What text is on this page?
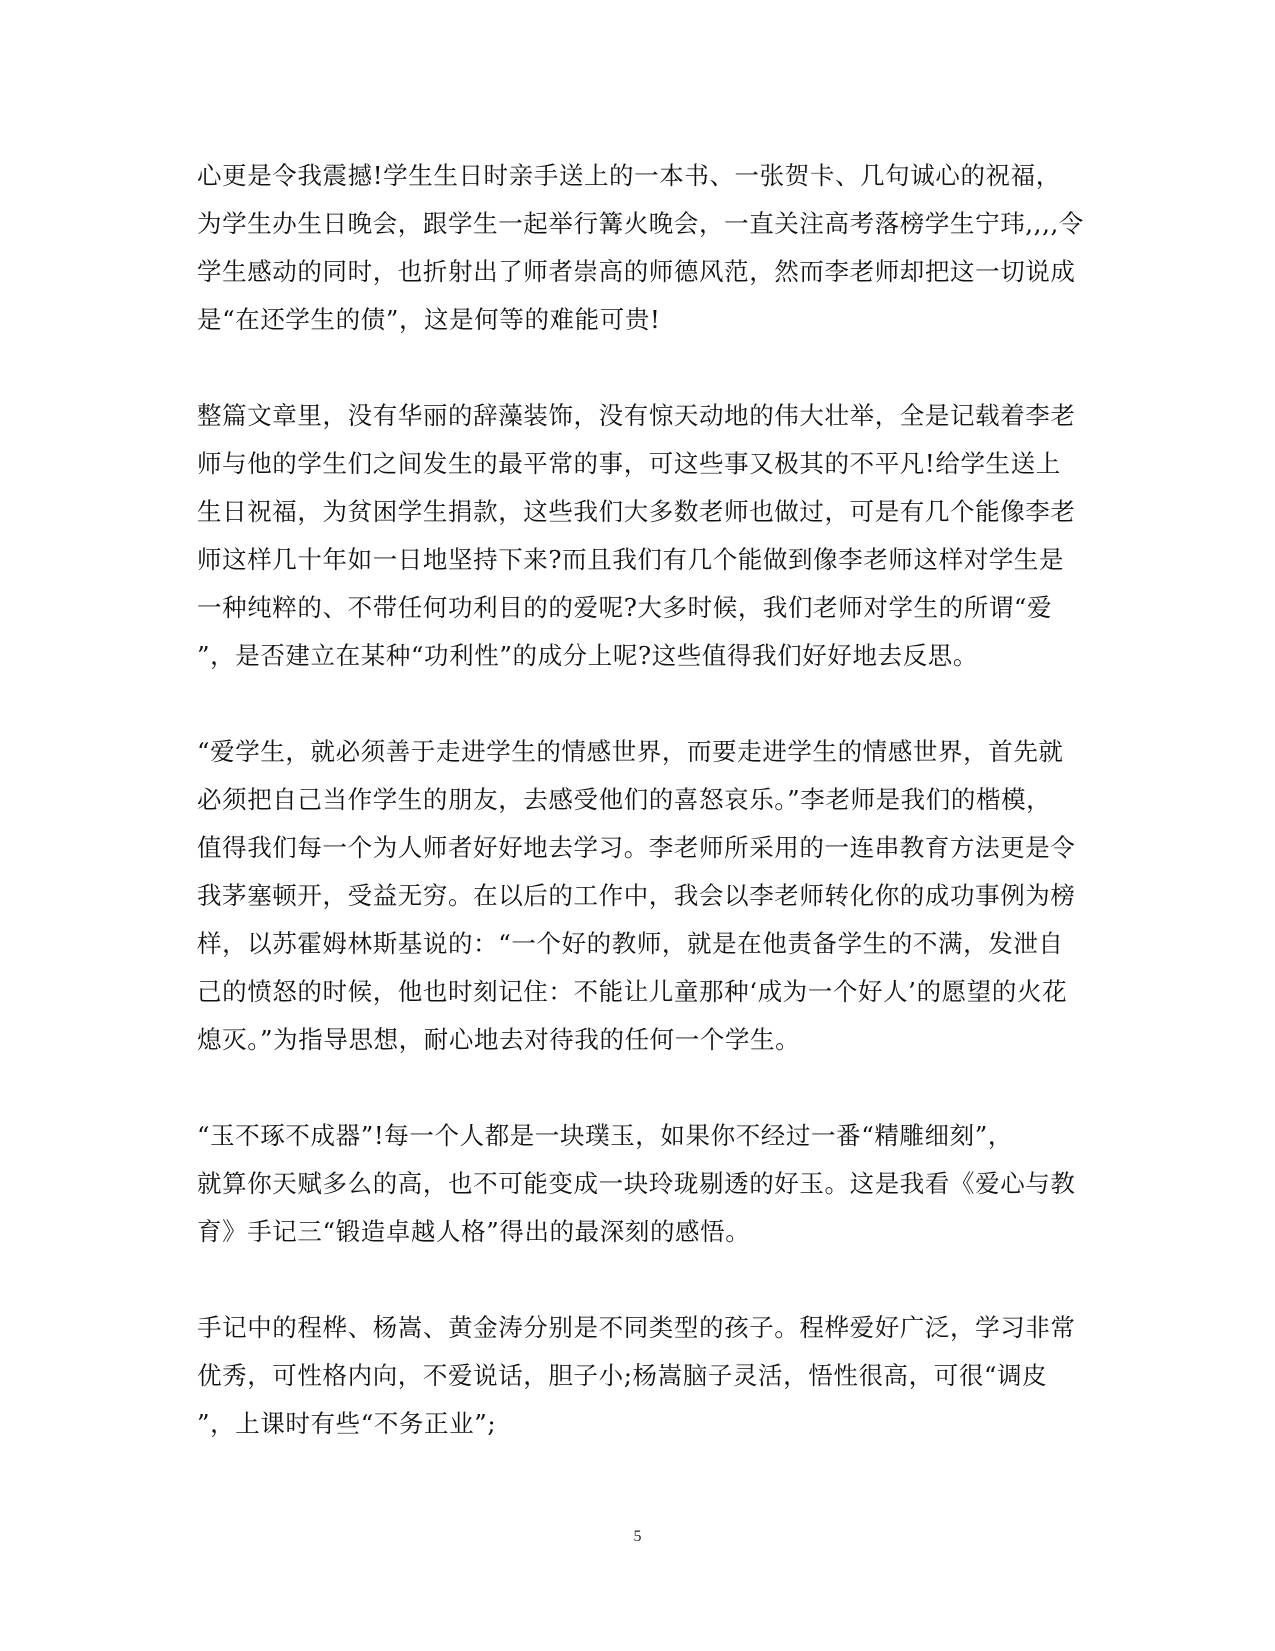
心更是令我震撼!学生生日时亲手送上的一本书、一张贺卡、几句诚心的祝福，
为学生办生日晚会，跟学生一起举行篝火晚会，一直关注高考落榜学生宁玮,,,,令
学生感动的同时，也折射出了师者崇高的师德风范，然而李老师却把这一切说成
是“在还学生的债”，这是何等的难能可贵!

整篇文章里，没有华丽的辞藻装饰，没有惊天动地的伟大壮举，全是记载着李老
师与他的学生们之间发生的最平常的事，可这些事又极其的不平凡!给学生送上
生日祝福，为贫困学生捐款，这些我们大多数老师也做过，可是有几个能像李老
师这样几十年如一日地坚持下来?而且我们有几个能做到像李老师这样对学生是
一种纯粹的、不带任何功利目的的爱呢?大多时候，我们老师对学生的所谓“爱
”，是否建立在某种“功利性”的成分上呢?这些值得我们好好地去反思。

“爱学生，就必须善于走进学生的情感世界，而要走进学生的情感世界，首先就
必须把自己当作学生的朋友，去感受他们的喜怒哀乐。”李老师是我们的楷模，
值得我们每一个为人师者好好地去学习。李老师所采用的一连串教育方法更是令
我茅塞顿开，受益无穷。在以后的工作中，我会以李老师转化你的成功事例为榜
样，以苏霍姆林斯基说的：“一个好的教师，就是在他责备学生的不满，发泄自
己的愤怒的时候，他也时刻记住：不能让儿童那种‘成为一个好人’的愿望的火花
熄灭。”为指导思想，耐心地去对待我的任何一个学生。

“玉不琢不成器”!每一个人都是一块璞玉，如果你不经过一番“精雕细刻”，
就算你天赋多么的高，也不可能变成一块玲珑剔透的好玉。这是我看《爱心与教
育》手记三“锻造卓越人格”得出的最深刻的感悟。

手记中的程桦、杨嵩、黄金涛分别是不同类型的孩子。程桦爱好广泛，学习非常
优秀，可性格内向，不爱说话，胆子小;杨嵩脑子灵活，悟性很高，可很“调皮
”，上课时有些“不务正业”;

5
